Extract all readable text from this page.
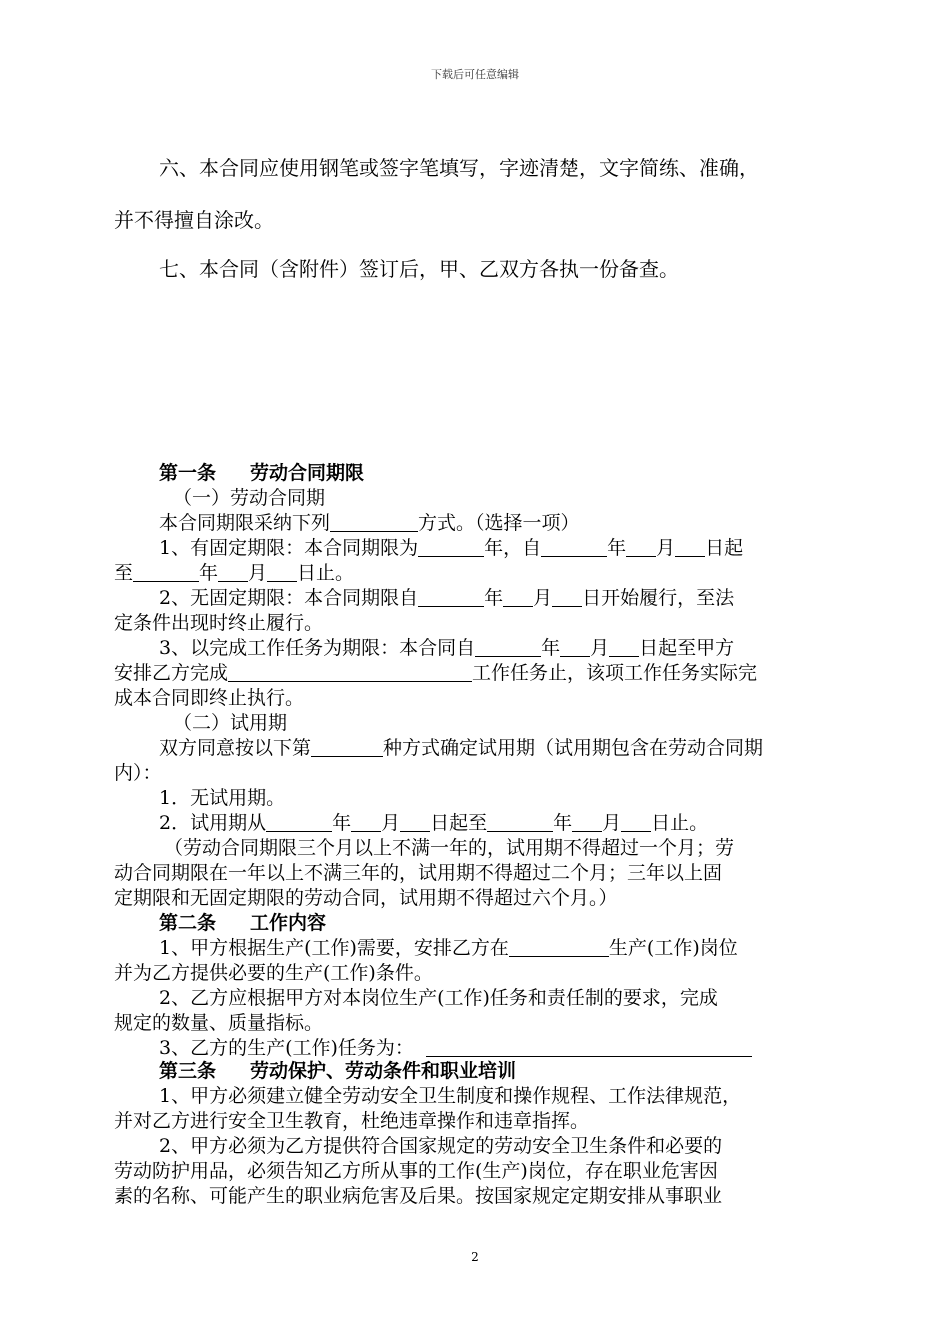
下载后可任意编辑
六、本合同应使用钢笔或签字笔填写，字迹清楚，文字简练、准确，
并不得擅自涂改。
七、本合同（含附件）签订后，甲、乙双方各执一份备查。
第一条 劳动合同期限
（一）劳动合同期
本合同期限采纳下列	方式。（选择一项）
1、有固定期限：本合同期限为	年，自	年 月 日起
至	年 月 日止。
2、无固定期限：本合同期限自	年 月 日开始履行，至法
定条件出现时终止履行。
3、以完成工作任务为期限：本合同自	年 月 日起至甲方
安排乙方完成	工作任务止，该项工作任务实际完
成本合同即终止执行。
（二）试用期
双方同意按以下第	种方式确定试用期（试用期包含在劳动合同期
内）：
1．无试用期。
2．试用期从	年 月 日起至	年 月 日止。
（劳动合同期限三个月以上不满一年的，试用期不得超过一个月；劳
动合同期限在一年以上不满三年的，试用期不得超过二个月；三年以上固
定期限和无固定期限的劳动合同，试用期不得超过六个月。）
第二条 工作内容
1、甲方根据生产(工作)需要，安排乙方在	生产(工作)岗位
并为乙方提供必要的生产(工作)条件。
2、乙方应根据甲方对本岗位生产(工作)任务和责任制的要求，完成
规定的数量、质量指标。
3、乙方的生产(工作)任务为：
第三条 劳动保护、劳动条件和职业培训
1、甲方必须建立健全劳动安全卫生制度和操作规程、工作法律规范，
并对乙方进行安全卫生教育，杜绝违章操作和违章指挥。
2、甲方必须为乙方提供符合国家规定的劳动安全卫生条件和必要的
劳动防护用品，必须告知乙方所从事的工作(生产)岗位，存在职业危害因
素的名称、可能产生的职业病危害及后果。按国家规定定期安排从事职业
2
